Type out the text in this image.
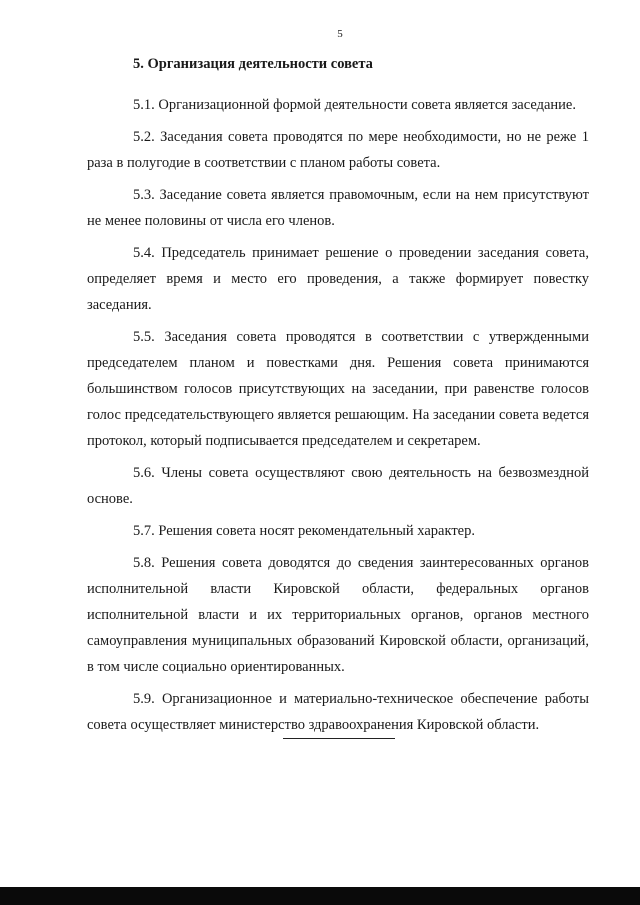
5
5. Организация деятельности совета

5.1. Организационной формой деятельности совета является заседание.

5.2. Заседания совета проводятся по мере необходимости, но не реже 1 раза в полугодие в соответствии с планом работы совета.

5.3. Заседание совета является правомочным, если на нем присутствуют не менее половины от числа его членов.

5.4. Председатель принимает решение о проведении заседания совета, определяет время и место его проведения, а также формирует повестку заседания.

5.5. Заседания совета проводятся в соответствии с утвержденными председателем планом и повестками дня. Решения совета принимаются большинством голосов присутствующих на заседании, при равенстве голосов голос председательствующего является решающим. На заседании совета ведется протокол, который подписывается председателем и секретарем.

5.6. Члены совета осуществляют свою деятельность на безвозмездной основе.

5.7. Решения совета носят рекомендательный характер.

5.8. Решения совета доводятся до сведения заинтересованных органов исполнительной власти Кировской области, федеральных органов исполнительной власти и их территориальных органов, органов местного самоуправления муниципальных образований Кировской области, организаций, в том числе социально ориентированных.

5.9. Организационное и материально-техническое обеспечение работы совета осуществляет министерство здравоохранения Кировской области.
